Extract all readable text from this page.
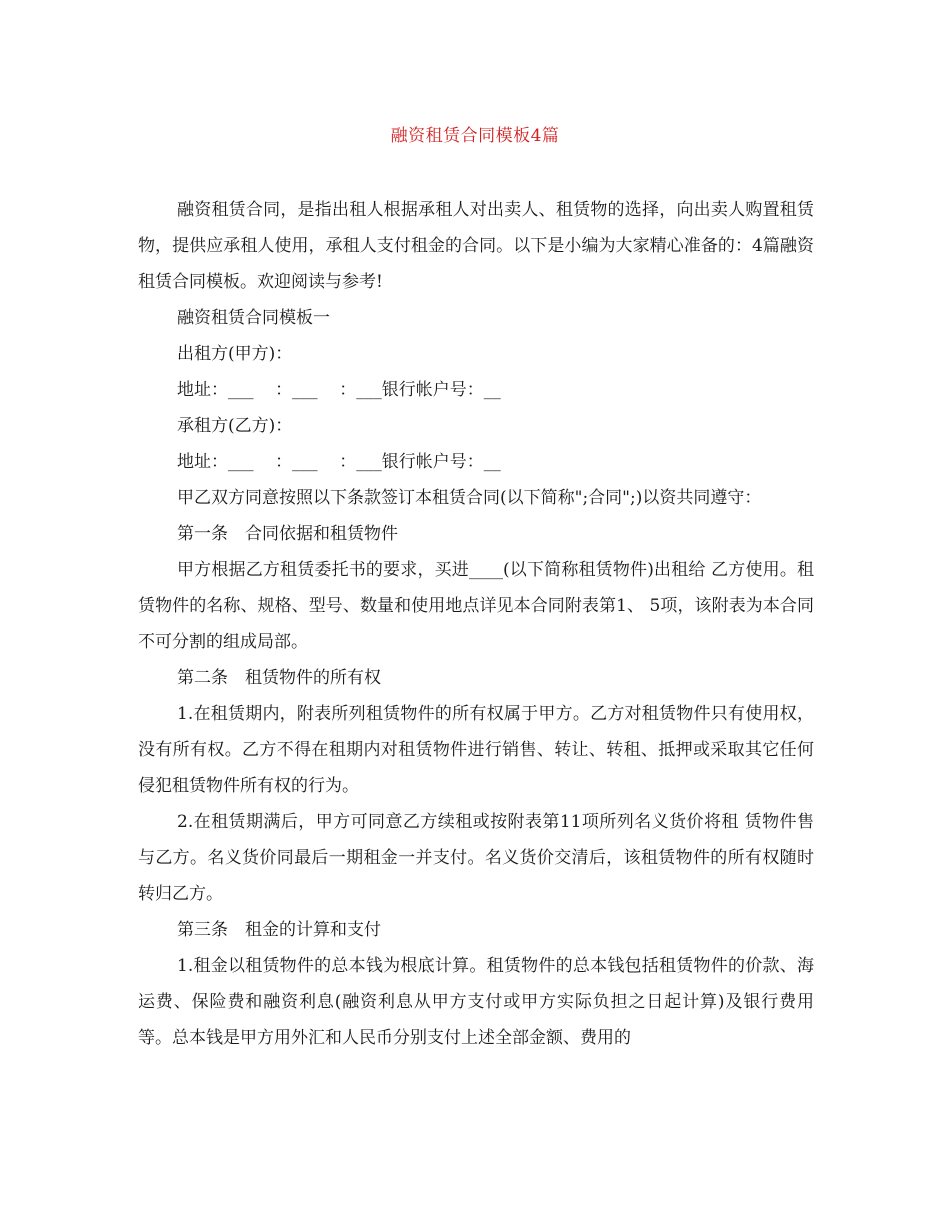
融资租赁合同模板4篇

融资租赁合同，是指出租人根据承租人对出卖人、租赁物的选择，向出卖人购置租赁物，提供应承租人使用，承租人支付租金的合同。以下是小编为大家精心准备的：4篇融资租赁合同模板。欢迎阅读与参考!

融资租赁合同模板一

出租方(甲方)：

地址：___    ：___    ：___银行帐户号：__

承租方(乙方)：

地址：___    ：___    ：___银行帐户号：__

甲乙双方同意按照以下条款签订本租赁合同(以下简称";合同";)以资共同遵守：

第一条　合同依据和租赁物件

甲方根据乙方租赁委托书的要求，买进____(以下简称租赁物件)出租给 乙方使用。租赁物件的名称、规格、型号、数量和使用地点详见本合同附表第1、 5项，该附表为本合同不可分割的组成局部。

第二条　租赁物件的所有权

1.在租赁期内，附表所列租赁物件的所有权属于甲方。乙方对租赁物件只有使用权，没有所有权。乙方不得在租期内对租赁物件进行销售、转让、转租、抵押或采取其它任何侵犯租赁物件所有权的行为。

2.在租赁期满后，甲方可同意乙方续租或按附表第11项所列名义货价将租 赁物件售与乙方。名义货价同最后一期租金一并支付。名义货价交清后，该租赁物件的所有权随时转归乙方。

第三条　租金的计算和支付

1.租金以租赁物件的总本钱为根底计算。租赁物件的总本钱包括租赁物件的价款、海运费、保险费和融资利息(融资利息从甲方支付或甲方实际负担之日起计算)及银行费用等。总本钱是甲方用外汇和人民币分别支付上述全部金额、费用的
